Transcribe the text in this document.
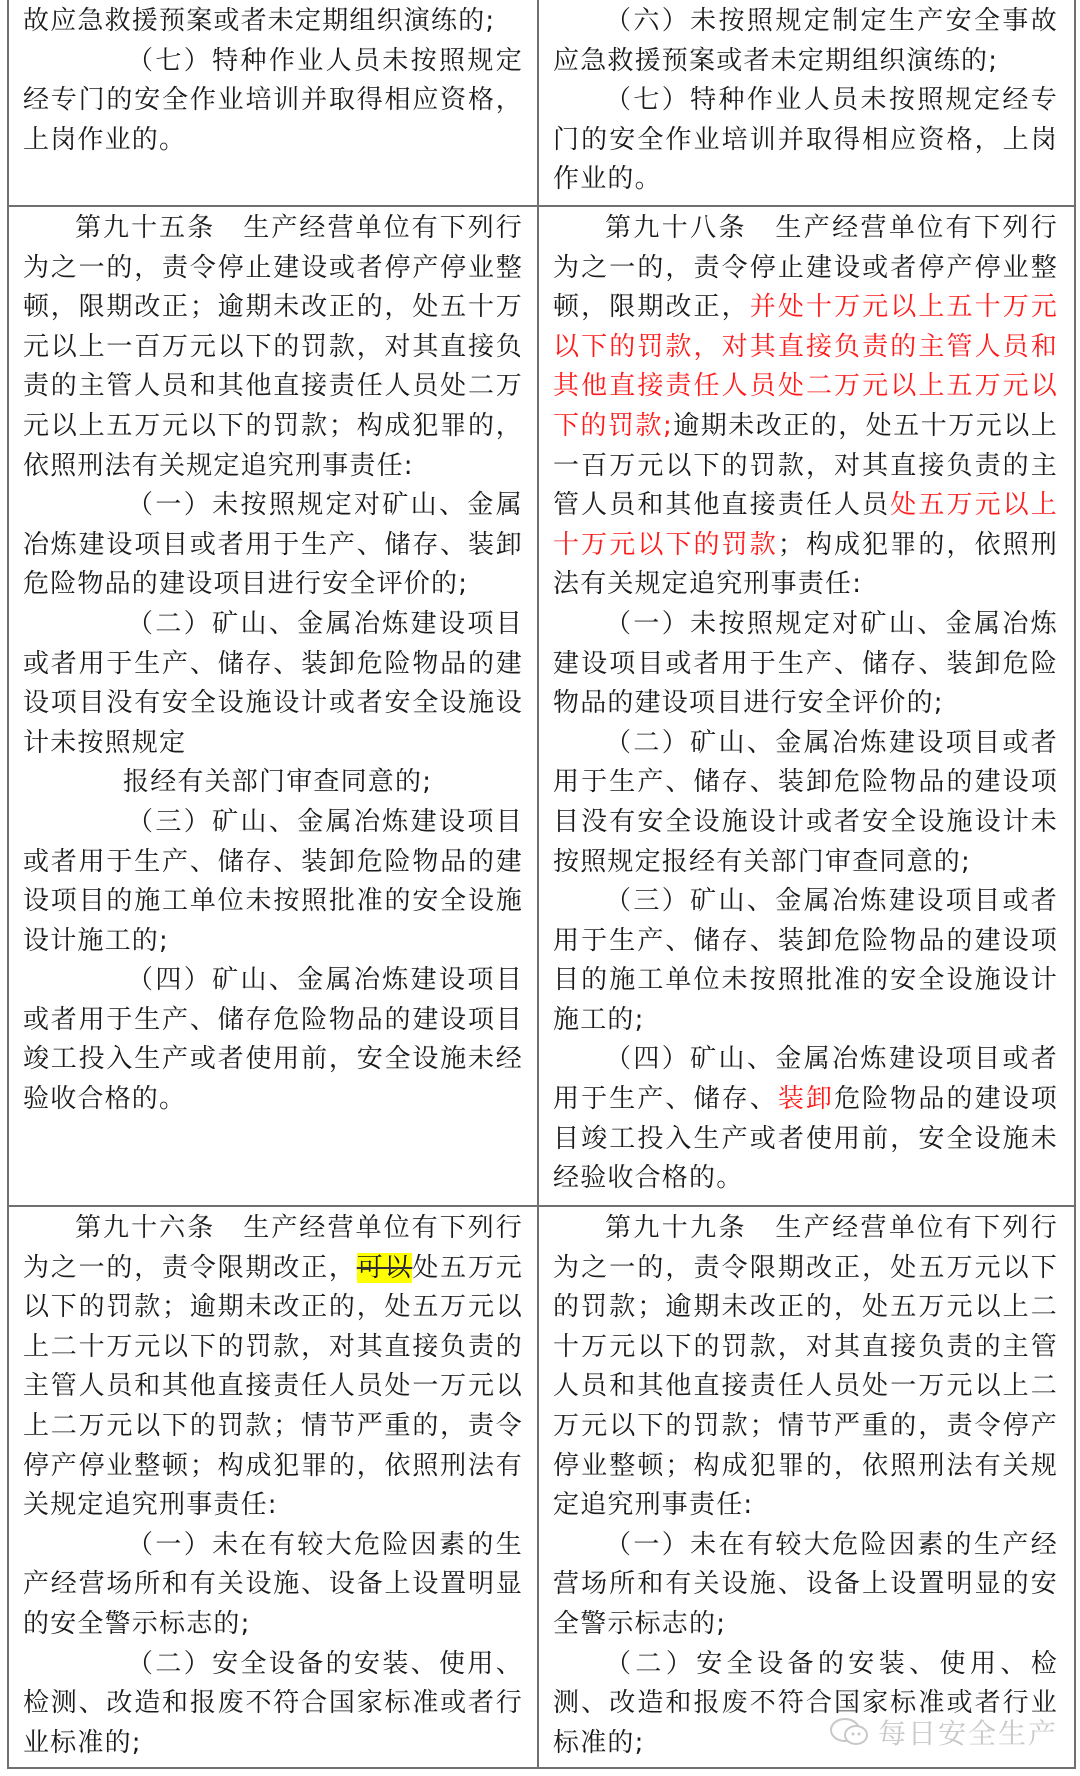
故应急救援预案或者未定期组织演练的;

（七）特种作业人员未按照规定经专门的安全作业培训并取得相应资格，上岗作业的。

（六）未按照规定制定生产安全事故应急救援预案或者未定期组织演练的;

（七）特种作业人员未按照规定经专门的安全作业培训并取得相应资格，上岗作业的。

第九十五条　生产经营单位有下列行为之一的，责令停止建设或者停产停业整顿，限期改正；逾期未改正的，处五十万元以上一百万元以下的罚款，对其直接负责的主管人员和其他直接责任人员处二万元以上五万元以下的罚款；构成犯罪的，依照刑法有关规定追究刑事责任:

（一）未按照规定对矿山、金属冶炼建设项目或者用于生产、储存、装卸危险物品的建设项目进行安全评价的;

（二）矿山、金属冶炼建设项目或者用于生产、储存、装卸危险物品的建设项目没有安全设施设计或者安全设施设计未按照规定

报经有关部门审查同意的;

（三）矿山、金属冶炼建设项目或者用于生产、储存、装卸危险物品的建设项目的施工单位未按照批准的安全设施设计施工的;

（四）矿山、金属冶炼建设项目或者用于生产、储存危险物品的建设项目竣工投入生产或者使用前，安全设施未经验收合格的。

第九十八条　生产经营单位有下列行为之一的，责令停止建设或者停产停业整顿，限期改正，并处十万元以上五十万元以下的罚款，对其直接负责的主管人员和其他直接责任人员处二万元以上五万元以下的罚款;逾期未改正的，处五十万元以上一百万元以下的罚款，对其直接负责的主管人员和其他直接责任人员处五万元以上十万元以下的罚款；构成犯罪的，依照刑法有关规定追究刑事责任:

（一）未按照规定对矿山、金属冶炼建设项目或者用于生产、储存、装卸危险物品的建设项目进行安全评价的;

（二）矿山、金属冶炼建设项目或者用于生产、储存、装卸危险物品的建设项目没有安全设施设计或者安全设施设计未按照规定报经有关部门审查同意的;

（三）矿山、金属冶炼建设项目或者用于生产、储存、装卸危险物品的建设项目的施工单位未按照批准的安全设施设计施工的;

（四）矿山、金属冶炼建设项目或者用于生产、储存、装卸危险物品的建设项目竣工投入生产或者使用前，安全设施未经验收合格的。

第九十六条　生产经营单位有下列行为之一的，责令限期改正，可以处五万元以下的罚款；逾期未改正的，处五万元以上二十万元以下的罚款，对其直接负责的主管人员和其他直接责任人员处一万元以上二万元以下的罚款；情节严重的，责令停产停业整顿；构成犯罪的，依照刑法有关规定追究刑事责任:

（一）未在有较大危险因素的生产经营场所和有关设施、设备上设置明显的安全警示标志的;

（二）安全设备的安装、使用、检测、改造和报废不符合国家标准或者行业标准的;

第九十九条　生产经营单位有下列行为之一的，责令限期改正，处五万元以下的罚款；逾期未改正的，处五万元以上二十万元以下的罚款，对其直接负责的主管人员和其他直接责任人员处一万元以上二万元以下的罚款；情节严重的，责令停产停业整顿；构成犯罪的，依照刑法有关规定追究刑事责任:

（一）未在有较大危险因素的生产经营场所和有关设施、设备上设置明显的安全警示标志的;

（二）安全设备的安装、使用、检测、改造和报废不符合国家标准或者行业标准的;	每日安全生产
